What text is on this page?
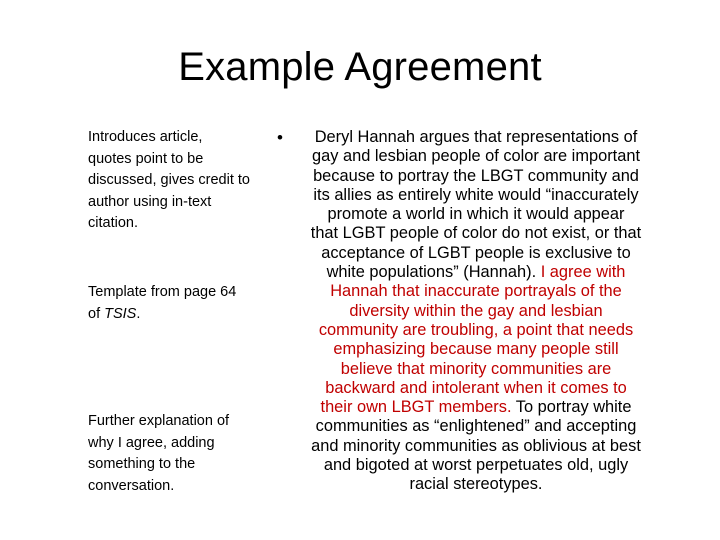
Example Agreement

Introduces article,
quotes point to be
discussed, gives credit to
author using in-text
citation.

Template from page 64
of TSIS.

Further explanation of
why I agree, adding
something to the
conversation.

•	Deryl Hannah argues that representations of
gay and lesbian people of color are important
because to portray the LBGT community and
its allies as entirely white would “inaccurately
promote a world in which it would appear
that LGBT people of color do not exist, or that
acceptance of LGBT people is exclusive to
white populations” (Hannah). I agree with
Hannah that inaccurate portrayals of the
diversity within the gay and lesbian
community are troubling, a point that needs
emphasizing because many people still
believe that minority communities are
backward and intolerant when it comes to
their own LBGT members. To portray white
communities as “enlightened” and accepting
and minority communities as oblivious at best
and bigoted at worst perpetuates old, ugly
racial stereotypes.
